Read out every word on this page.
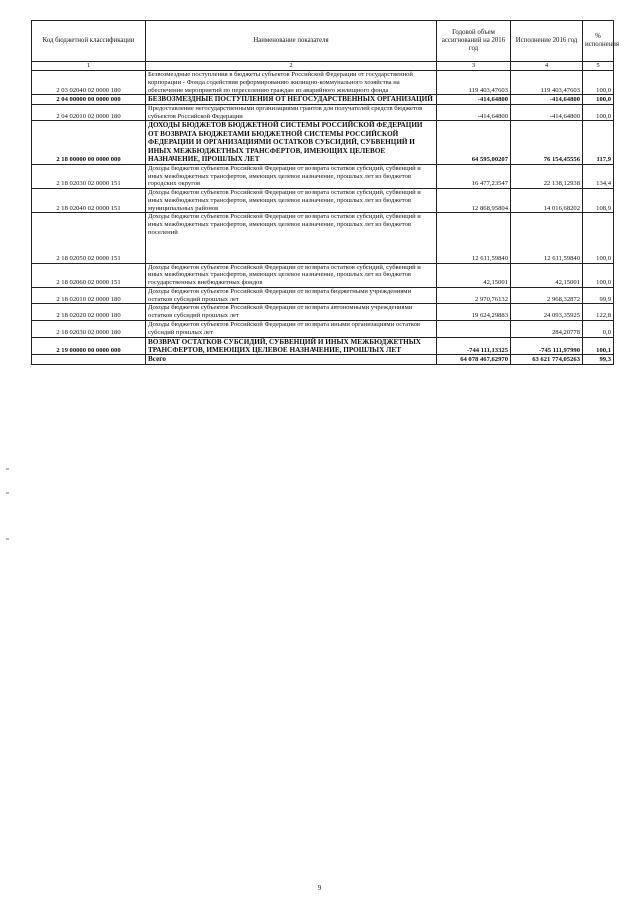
Код бюджетной классификации	Наименование показателя	Годовой объем ассигнований на 2016 год	Исполнение 2016 год	% исполнения
1	2	3	4	5
2 03 02040 02 0000 180	Безвозмездные поступления в бюджеты субъектов Российской Федерации от государственной корпорации - Фонда содействия реформированию жилищно-коммунального хозяйства на обеспечение мероприятий по переселению граждан из аварийного жилищного фонда	119 403,47603	119 403,47603	100,0
2 04 00000 00 0000 000	БЕЗВОЗМЕЗДНЫЕ ПОСТУПЛЕНИЯ ОТ НЕГОСУДАРСТВЕННЫХ ОРГАНИЗАЦИЙ	-414,64800	-414,64800	100,0
2 04 02010 02 0000 180	Предоставление негосударственными организациями грантов для получателей средств бюджетов субъектов Российской Федерации	-414,64800	-414,64800	100,0
2 18 00000 00 0000 000	ДОХОДЫ БЮДЖЕТОВ БЮДЖЕТНОЙ СИСТЕМЫ РОССИЙСКОЙ ФЕДЕРАЦИИ ОТ ВОЗВРАТА БЮДЖЕТАМИ БЮДЖЕТНОЙ СИСТЕМЫ РОССИЙСКОЙ ФЕДЕРАЦИИ И ОРГАНИЗАЦИЯМИ ОСТАТКОВ СУБСИДИЙ, СУБВЕНЦИЙ И ИНЫХ МЕЖБЮДЖЕТНЫХ ТРАНСФЕРТОВ, ИМЕЮЩИХ ЦЕЛЕВОЕ НАЗНАЧЕНИЕ, ПРОШЛЫХ ЛЕТ	64 595,00207	76 154,45556	117,9
2 18 02030 02 0000 151	Доходы бюджетов субъектов Российской Федерации от возврата остатков субсидий, субвенций и иных межбюджетных трансфертов, имеющих целевое назначение, прошлых лет из бюджетов городских округов	16 477,23547	22 138,12938	134,4
2 18 02040 02 0000 151	Доходы бюджетов субъектов Российской Федерации от возврата остатков субсидий, субвенций и иных межбюджетных трансфертов, имеющих целевое назначение, прошлых лет из бюджетов муниципальных районов	12 868,95804	14 016,68202	108,9
2 18 02050 02 0000 151	Доходы бюджетов субъектов Российской Федерации от возврата остатков субсидий, субвенций и иных межбюджетных трансфертов, имеющих целевое назначение, прошлых лет из бюджетов поселений	12 611,59840	12 611,59840	100,0
2 18 02060 02 0000 151	Доходы бюджетов субъектов Российской Федерации от возврата остатков субсидий, субвенций и иных межбюджетных трансфертов, имеющих целевое назначение, прошлых лет из бюджетов государственных внебюджетных фондов	42,15001	42,15001	100,0
2 18 02010 02 0000 180	Доходы бюджетов субъектов Российской Федерации от возврата бюджетными учреждениями остатков субсидий прошлых лет	2 970,76132	2 968,32872	99,9
2 18 02020 02 0000 180	Доходы бюджетов субъектов Российской Федерации от возврата автономными учреждениями остатков субсидий прошлых лет	19 624,29883	24 093,35925	122,8
2 18 02030 02 0000 180	Доходы бюджетов субъектов Российской Федерации от возврата иными организациями остатков субсидий прошлых лет		284,20778	0,0
2 19 00000 00 0000 000	ВОЗВРАТ ОСТАТКОВ СУБСИДИЙ, СУБВЕНЦИЙ И ИНЫХ МЕЖБЮДЖЕТНЫХ ТРАНСФЕРТОВ, ИМЕЮЩИХ ЦЕЛЕВОЕ НАЗНАЧЕНИЕ, ПРОШЛЫХ ЛЕТ	-744 111,13325	-745 111,97990	100,1
	Всего	64 078 467,62970	63 621 774,05263	99,3
9
